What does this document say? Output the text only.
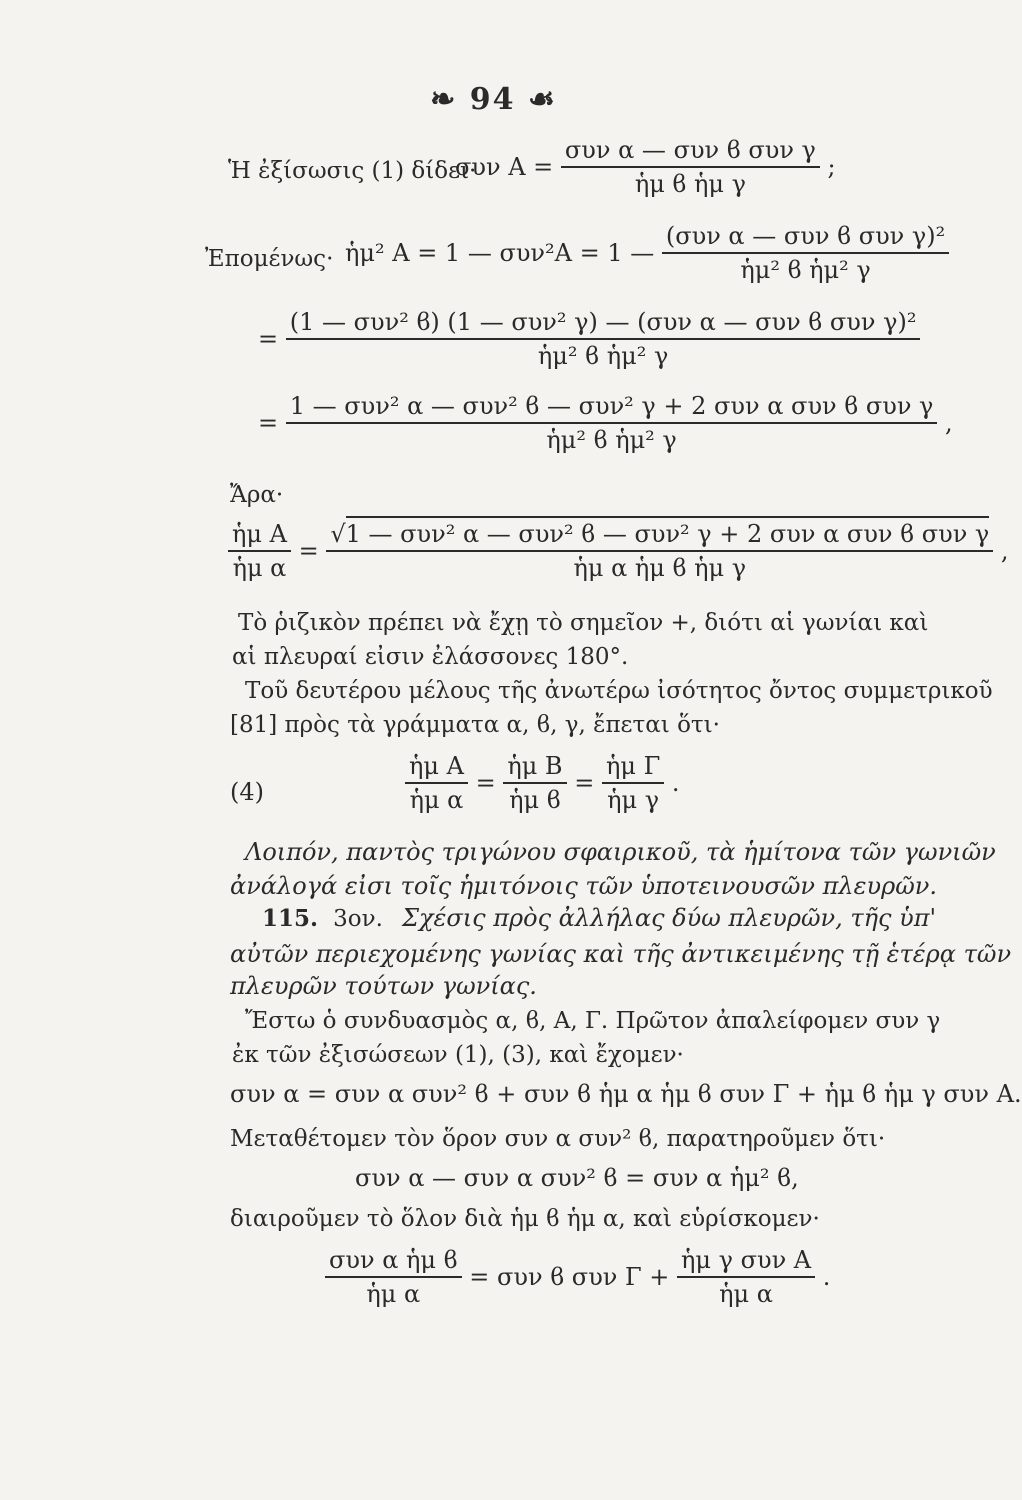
❧ 94 ☙
Ἡ ἐξίσωσις (1) δίδει·
συν $A = \frac{\text{συν α — συν ϐ συν γ}}{\text{ἡμ ϐ ἡμ γ}}$ ;
Ἐπομένως· ἡμ² Α = 1 — συν²Α = 1 — $\frac{\text{(συν α — συν ϐ συν γ)²}}{\text{ἡμ² ϐ ἡμ² γ}}$
= $\frac{\text{(1 — συν² ϐ) (1 — συν² γ) — (συν α — συν ϐ συν γ)²}}{\text{ἡμ² ϐ ἡμ² γ}}$
= $\frac{\text{1 — συν² α — συν² ϐ — συν² γ + 2 συν α συν ϐ συν γ}}{\text{ἡμ² ϐ ἡμ² γ}}$ ,
Ἄρα·
$\frac{\text{ἡμ Α}}{\text{ἡμ α}} = \frac{\text{√1 — συν² α — συν² ϐ — συν² γ + 2 συν α συν ϐ συν γ}}{\text{ἡμ α ἡμ ϐ ἡμ γ}}$ ,
Τὸ ῥιζικὸν πρέπει νὰ ἔχῃ τὸ σημεῖον +, διότι αἱ γωνίαι καὶ
αἱ πλευραί εἰσιν ἐλάσσονες 180°.
Τοῦ δευτέρου μέλους τῆς ἀνωτέρω ἰσότητος ὄντος συμμετρικοῦ
[81] πρὸς τὰ γράμματα α, ϐ, γ, ἔπεται ὅτι·
(4)	$\frac{\text{ἡμ Α}}{\text{ἡμ α}} = \frac{\text{ἡμ Β}}{\text{ἡμ ϐ}} = \frac{\text{ἡμ Γ}}{\text{ἡμ γ}}$ .
Λοιπόν, παντὸς τριγώνου σφαιρικοῦ, τὰ ἡμίτονα τῶν γωνιῶν
ἀνάλογά εἰσι τοῖς ἡμιτόνοις τῶν ὑποτεινουσῶν πλευρῶν.
115. 3ον. Σχέσις πρὸς ἀλλήλας δύω πλευρῶν, τῆς ὑπ'
αὐτῶν περιεχομένης γωνίας καὶ τῆς ἀντικειμένης τῇ ἑτέρᾳ τῶν
πλευρῶν τούτων γωνίας.
Ἔστω ὁ συνδυασμὸς α, ϐ, Α, Γ. Πρῶτον ἀπαλείφομεν συν γ
ἐκ τῶν ἐξισώσεων (1), (3), καὶ ἔχομεν·
συν α = συν α συν² ϐ + συν ϐ ἡμ α ἡμ ϐ συν Γ + ἡμ ϐ ἡμ γ συν Α.
Μεταθέτομεν τὸν ὅρον συν α συν² ϐ, παρατηροῦμεν ὅτι·
συν α — συν α συν² ϐ = συν α ἡμ² ϐ,
διαιροῦμεν τὸ ὅλον διὰ ἡμ ϐ ἡμ α, καὶ εὑρίσκομεν·
$\frac{\text{συν α ἡμ ϐ}}{\text{ἡμ α}} = \sigma\upsilon\nu$ ϐ συν $\Gamma + \frac{\text{ἡμ γ συν Α}}{\text{ἡμ α}}$ .
